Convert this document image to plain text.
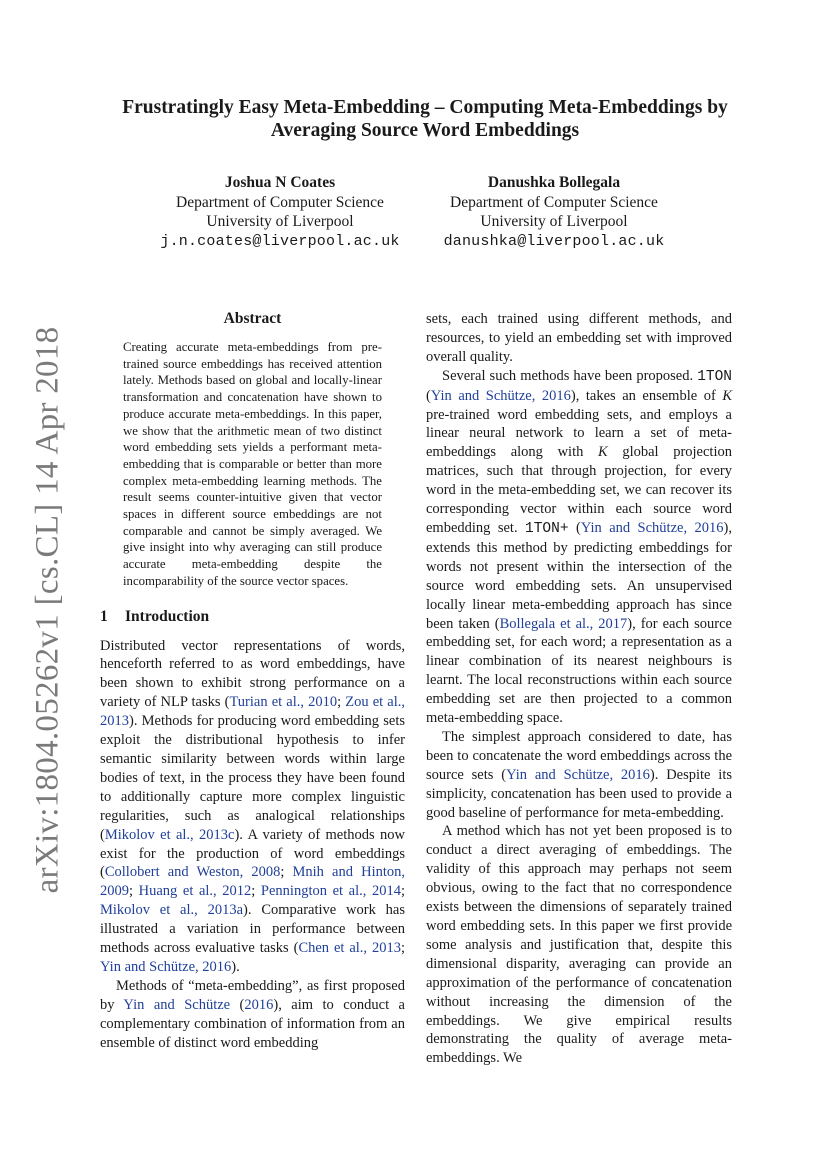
arXiv:1804.05262v1 [cs.CL] 14 Apr 2018
Frustratingly Easy Meta-Embedding – Computing Meta-Embeddings by
Averaging Source Word Embeddings
Joshua N Coates
Department of Computer Science
University of Liverpool
j.n.coates@liverpool.ac.uk
Danushka Bollegala
Department of Computer Science
University of Liverpool
danushka@liverpool.ac.uk
Abstract
Creating accurate meta-embeddings from pre-trained source embeddings has received attention lately. Methods based on global and locally-linear transformation and concatenation have shown to produce accurate meta-embeddings. In this paper, we show that the arithmetic mean of two distinct word embedding sets yields a performant meta-embedding that is comparable or better than more complex meta-embedding learning methods. The result seems counter-intuitive given that vector spaces in different source embeddings are not comparable and cannot be simply averaged. We give insight into why averaging can still produce accurate meta-embedding despite the incomparability of the source vector spaces.
1 Introduction

Distributed vector representations of words, henceforth referred to as word embeddings, have been shown to exhibit strong performance on a variety of NLP tasks (Turian et al., 2010; Zou et al., 2013). Methods for producing word embedding sets exploit the distributional hypothesis to infer semantic similarity between words within large bodies of text, in the process they have been found to additionally capture more complex linguistic regularities, such as analogical relationships (Mikolov et al., 2013c). A variety of methods now exist for the production of word embeddings (Collobert and Weston, 2008; Mnih and Hinton, 2009; Huang et al., 2012; Pennington et al., 2014; Mikolov et al., 2013a). Comparative work has illustrated a variation in performance between methods across evaluative tasks (Chen et al., 2013; Yin and Schütze, 2016).

Methods of “meta-embedding”, as first proposed by Yin and Schütze (2016), aim to conduct a complementary combination of information from an ensemble of distinct word embedding

sets, each trained using different methods, and resources, to yield an embedding set with improved overall quality.

Several such methods have been proposed. 1TON (Yin and Schütze, 2016), takes an ensemble of K pre-trained word embedding sets, and employs a linear neural network to learn a set of meta-embeddings along with K global projection matrices, such that through projection, for every word in the meta-embedding set, we can recover its corresponding vector within each source word embedding set. 1TON+ (Yin and Schütze, 2016), extends this method by predicting embeddings for words not present within the intersection of the source word embedding sets. An unsupervised locally linear meta-embedding approach has since been taken (Bollegala et al., 2017), for each source embedding set, for each word; a representation as a linear combination of its nearest neighbours is learnt. The local reconstructions within each source embedding set are then projected to a common meta-embedding space.

The simplest approach considered to date, has been to concatenate the word embeddings across the source sets (Yin and Schütze, 2016). Despite its simplicity, concatenation has been used to provide a good baseline of performance for meta-embedding.

A method which has not yet been proposed is to conduct a direct averaging of embeddings. The validity of this approach may perhaps not seem obvious, owing to the fact that no correspondence exists between the dimensions of separately trained word embedding sets. In this paper we first provide some analysis and justification that, despite this dimensional disparity, averaging can provide an approximation of the performance of concatenation without increasing the dimension of the embeddings. We give empirical results demonstrating the quality of average meta-embeddings. We
